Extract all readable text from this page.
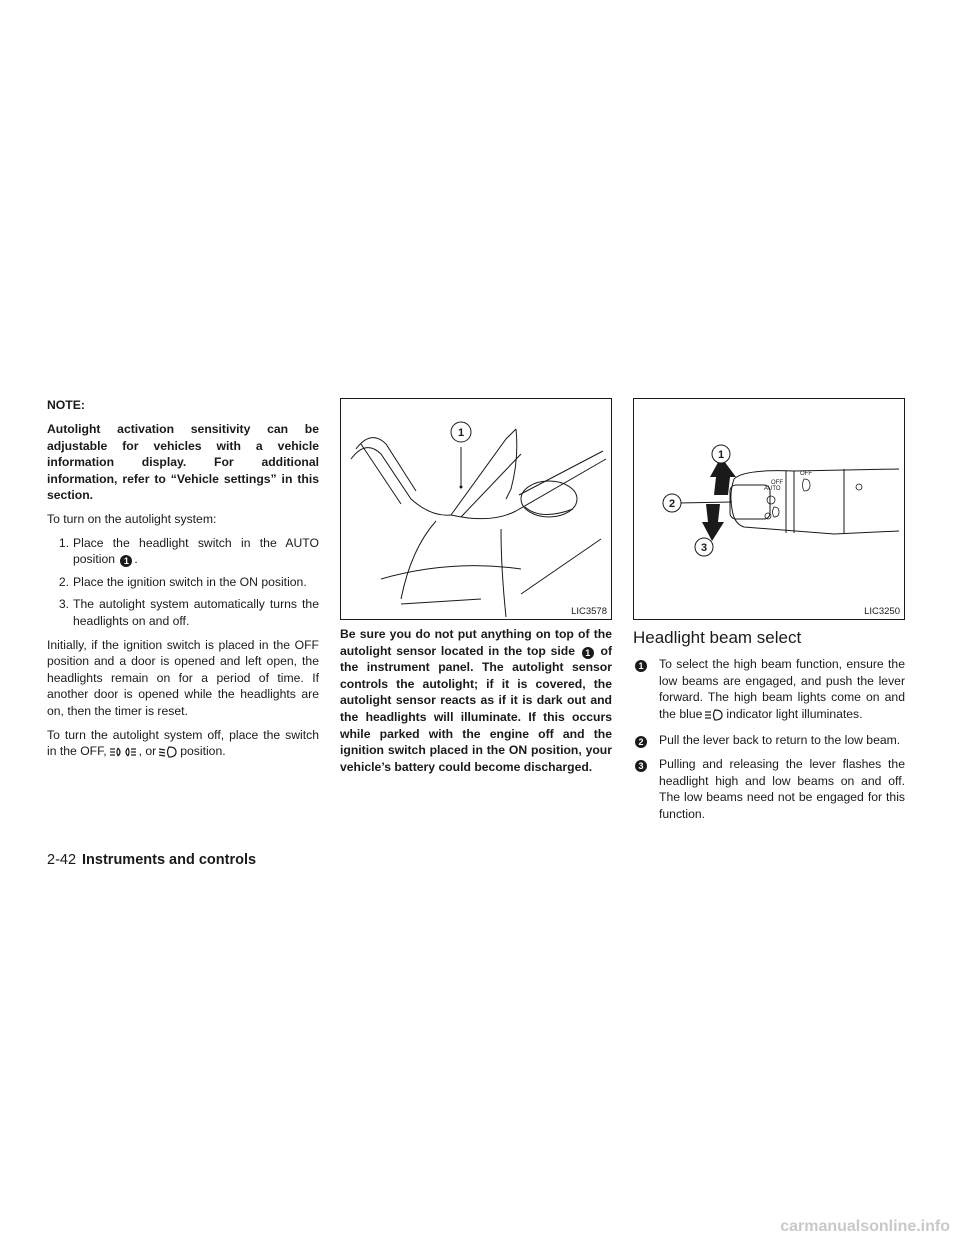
NOTE:

Autolight activation sensitivity can be adjustable for vehicles with a vehicle information display. For additional information, refer to “Vehicle settings” in this section.

To turn on the autolight system:

1. Place the headlight switch in the AUTO position 1 .
2. Place the ignition switch in the ON position.
3. The autolight system automatically turns the headlights on and off.

Initially, if the ignition switch is placed in the OFF position and a door is opened and left open, the headlights remain on for a period of time. If another door is opened while the headlights are on, then the timer is reset.

To turn the autolight system off, place the switch in the OFF,	, or position.

1
LIC3578

Be sure you do not put anything on top of the autolight sensor located in the top side 1 of the instrument panel. The autolight sensor controls the autolight; if it is covered, the autolight sensor reacts as if it is dark out and the headlights will illuminate. If this occurs while parked with the engine off and the ignition switch placed in the ON position, your vehicle’s battery could become discharged.

OFF
OFF
AUTO
1
2
3
LIC3250
Headlight beam select
1	To select the high beam function, ensure the low beams are engaged, and push the lever forward. The high beam lights come on and the blue indicator light illuminates.
2	Pull the lever back to return to the low beam.
3	Pulling and releasing the lever flashes the headlight high and low beams on and off. The low beams need not be engaged for this function.
2-42 Instruments and controls
carmanualsonline.info
